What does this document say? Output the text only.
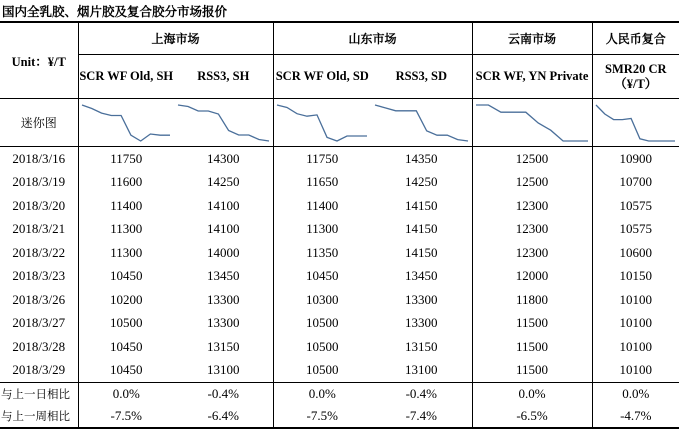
国内全乳胶、烟片胶及复合胶分市场报价
Unit：¥/T	上海市场		山东市场		云南市场	人民币复合
	SCR WF Old, SH	RSS3, SH	SCR WF Old, SD	RSS3, SD	SCR WF, YN Private	SMR20 CR（¥/T）
迷你图	

2018/3/16	11750	14300	11750	14350	12500	10900
2018/3/19	11600	14250	11650	14250	12500	10700
2018/3/20	11400	14100	11400	14150	12300	10575
2018/3/21	11300	14100	11300	14150	12300	10575
2018/3/22	11300	14000	11350	14150	12300	10600
2018/3/23	10450	13450	10450	13450	12000	10150
2018/3/26	10200	13300	10300	13300	11800	10100
2018/3/27	10500	13300	10500	13300	11500	10100
2018/3/28	10450	13150	10500	13150	11500	10100
2018/3/29	10450	13100	10500	13100	11500	10100
与上一日相比	0.0%	-0.4%	0.0%	-0.4%	0.0%	0.0%
与上一周相比	-7.5%	-6.4%	-7.5%	-7.4%	-6.5%	-4.7%
